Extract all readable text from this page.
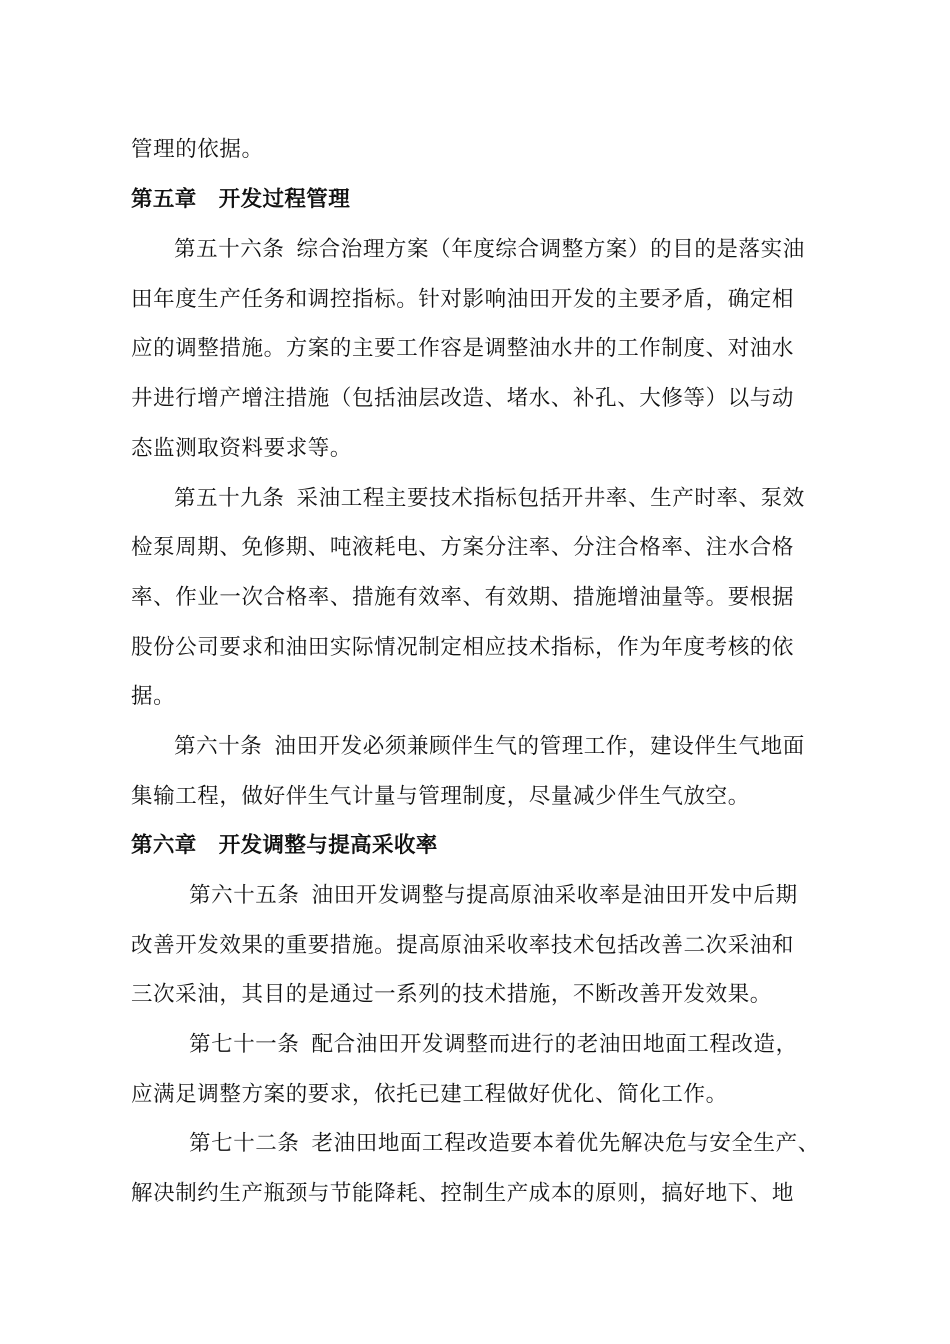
管理的依据。
第五章 开发过程管理
第五十六条 综合治理方案（年度综合调整方案）的目的是落实油
田年度生产任务和调控指标。针对影响油田开发的主要矛盾，确定相
应的调整措施。方案的主要工作容是调整油水井的工作制度、对油水
井进行增产增注措施（包括油层改造、堵水、补孔、大修等）以与动
态监测取资料要求等。
第五十九条 采油工程主要技术指标包括开井率、生产时率、泵效
检泵周期、免修期、吨液耗电、方案分注率、分注合格率、注水合格
率、作业一次合格率、措施有效率、有效期、措施增油量等。要根据
股份公司要求和油田实际情况制定相应技术指标，作为年度考核的依
据。
第六十条 油田开发必须兼顾伴生气的管理工作，建设伴生气地面
集输工程，做好伴生气计量与管理制度，尽量减少伴生气放空。
第六章 开发调整与提高采收率
第六十五条 油田开发调整与提高原油采收率是油田开发中后期
改善开发效果的重要措施。提高原油采收率技术包括改善二次采油和
三次采油，其目的是通过一系列的技术措施，不断改善开发效果。
第七十一条 配合油田开发调整而进行的老油田地面工程改造，
应满足调整方案的要求，依托已建工程做好优化、简化工作。
第七十二条 老油田地面工程改造要本着优先解决危与安全生产、
解决制约生产瓶颈与节能降耗、控制生产成本的原则，搞好地下、地
